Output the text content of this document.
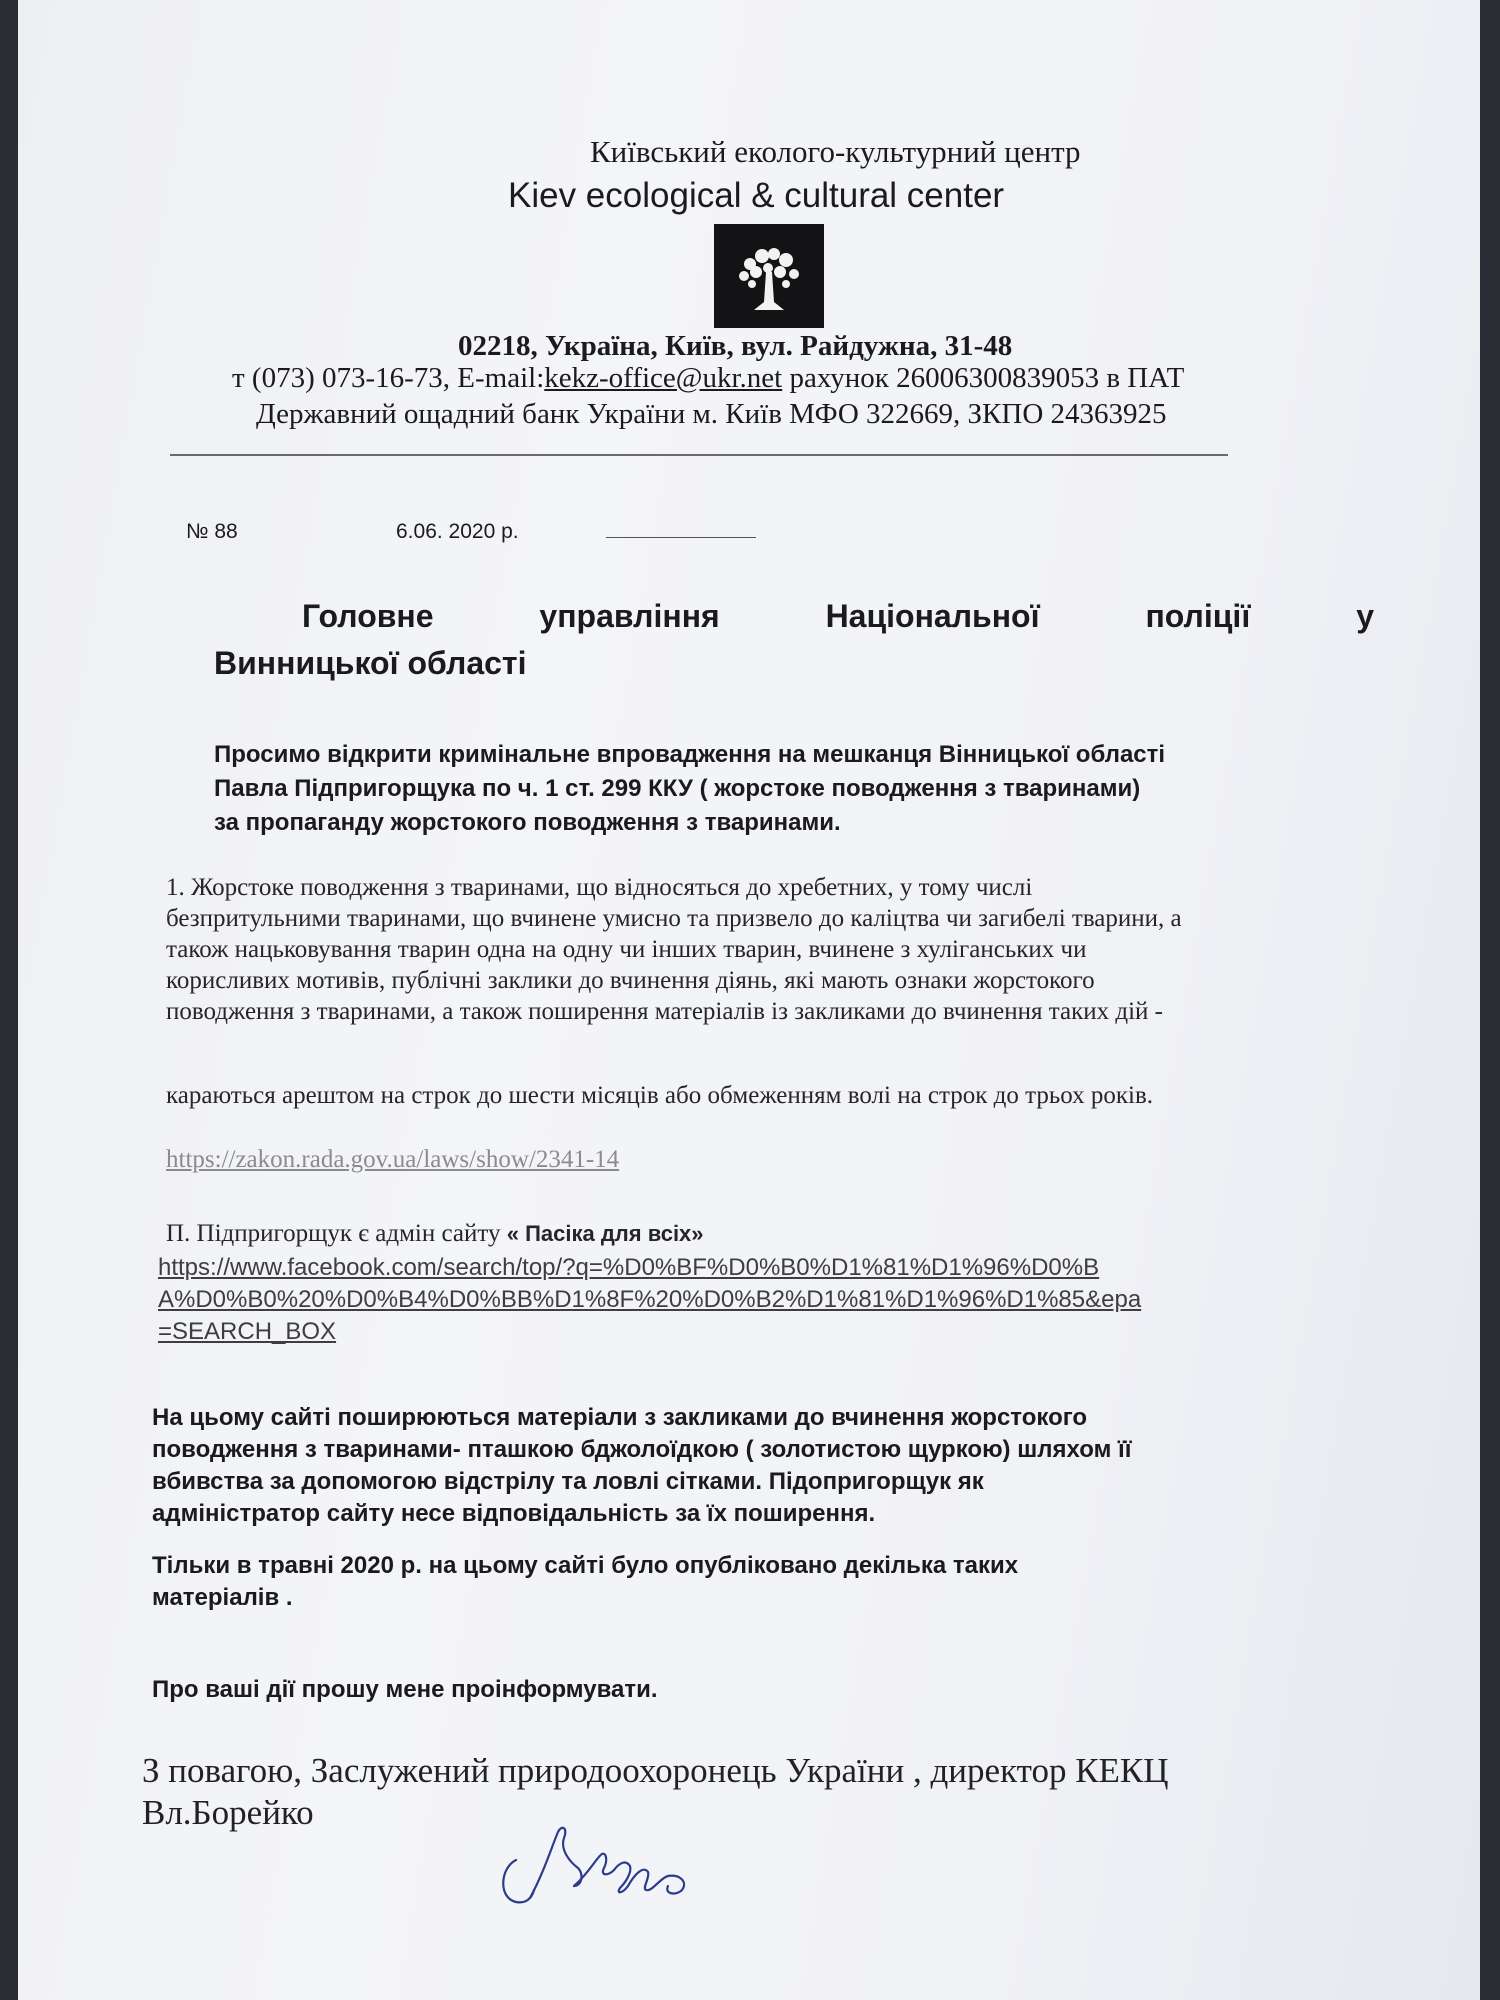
Київський еколого-культурний центр
Kiev ecological & cultural center
02218, Україна, Київ, вул. Райдужна, 31-48
т (073) 073-16-73, E-mail:kekz-office@ukr.net рахунок 26006300839053 в ПАТ
Державний ощадний банк України м. Київ МФО 322669, ЗКПО 24363925
№ 88	6.06. 2020 р.
Головне	управління	Національної	поліції	у
Винницької області
Просимо відкрити кримінальне впровадження на мешканця Вінницької області
Павла Підпригорщука по ч. 1 ст. 299 ККУ ( жорстоке поводження з тваринами)
за пропаганду жорстокого поводження з тваринами.
1. Жорстоке поводження з тваринами, що відносяться до хребетних, у тому числі
безпритульними тваринами, що вчинене умисно та призвело до каліцтва чи загибелі тварини, а
також нацьковування тварин одна на одну чи інших тварин, вчинене з хуліганських чи
корисливих мотивів, публічні заклики до вчинення діянь, які мають ознаки жорстокого
поводження з тваринами, а також поширення матеріалів із закликами до вчинення таких дій -
караються арештом на строк до шести місяців або обмеженням волі на строк до трьох років.
https://zakon.rada.gov.ua/laws/show/2341-14
П. Підпригорщук є адмін сайту « Пасіка для всіх»
https://www.facebook.com/search/top/?q=%D0%BF%D0%B0%D1%81%D1%96%D0%B
A%D0%B0%20%D0%B4%D0%BB%D1%8F%20%D0%B2%D1%81%D1%96%D1%85&epa
=SEARCH_BOX
На цьому сайті поширюються матеріали з закликами до вчинення жорстокого
поводження з тваринами- пташкою бджолоїдкою ( золотистою щуркою) шляхом її
вбивства за допомогою відстрілу та ловлі сітками. Підопригорщук як
адміністратор сайту несе відповідальність за їх поширення.
Тільки в травні 2020 р. на цьому сайті було опубліковано декілька таких
матеріалів .
Про ваші дії прошу мене проінформувати.
З повагою, Заслужений природоохоронець України , директор КЕКЦ
Вл.Борейко
